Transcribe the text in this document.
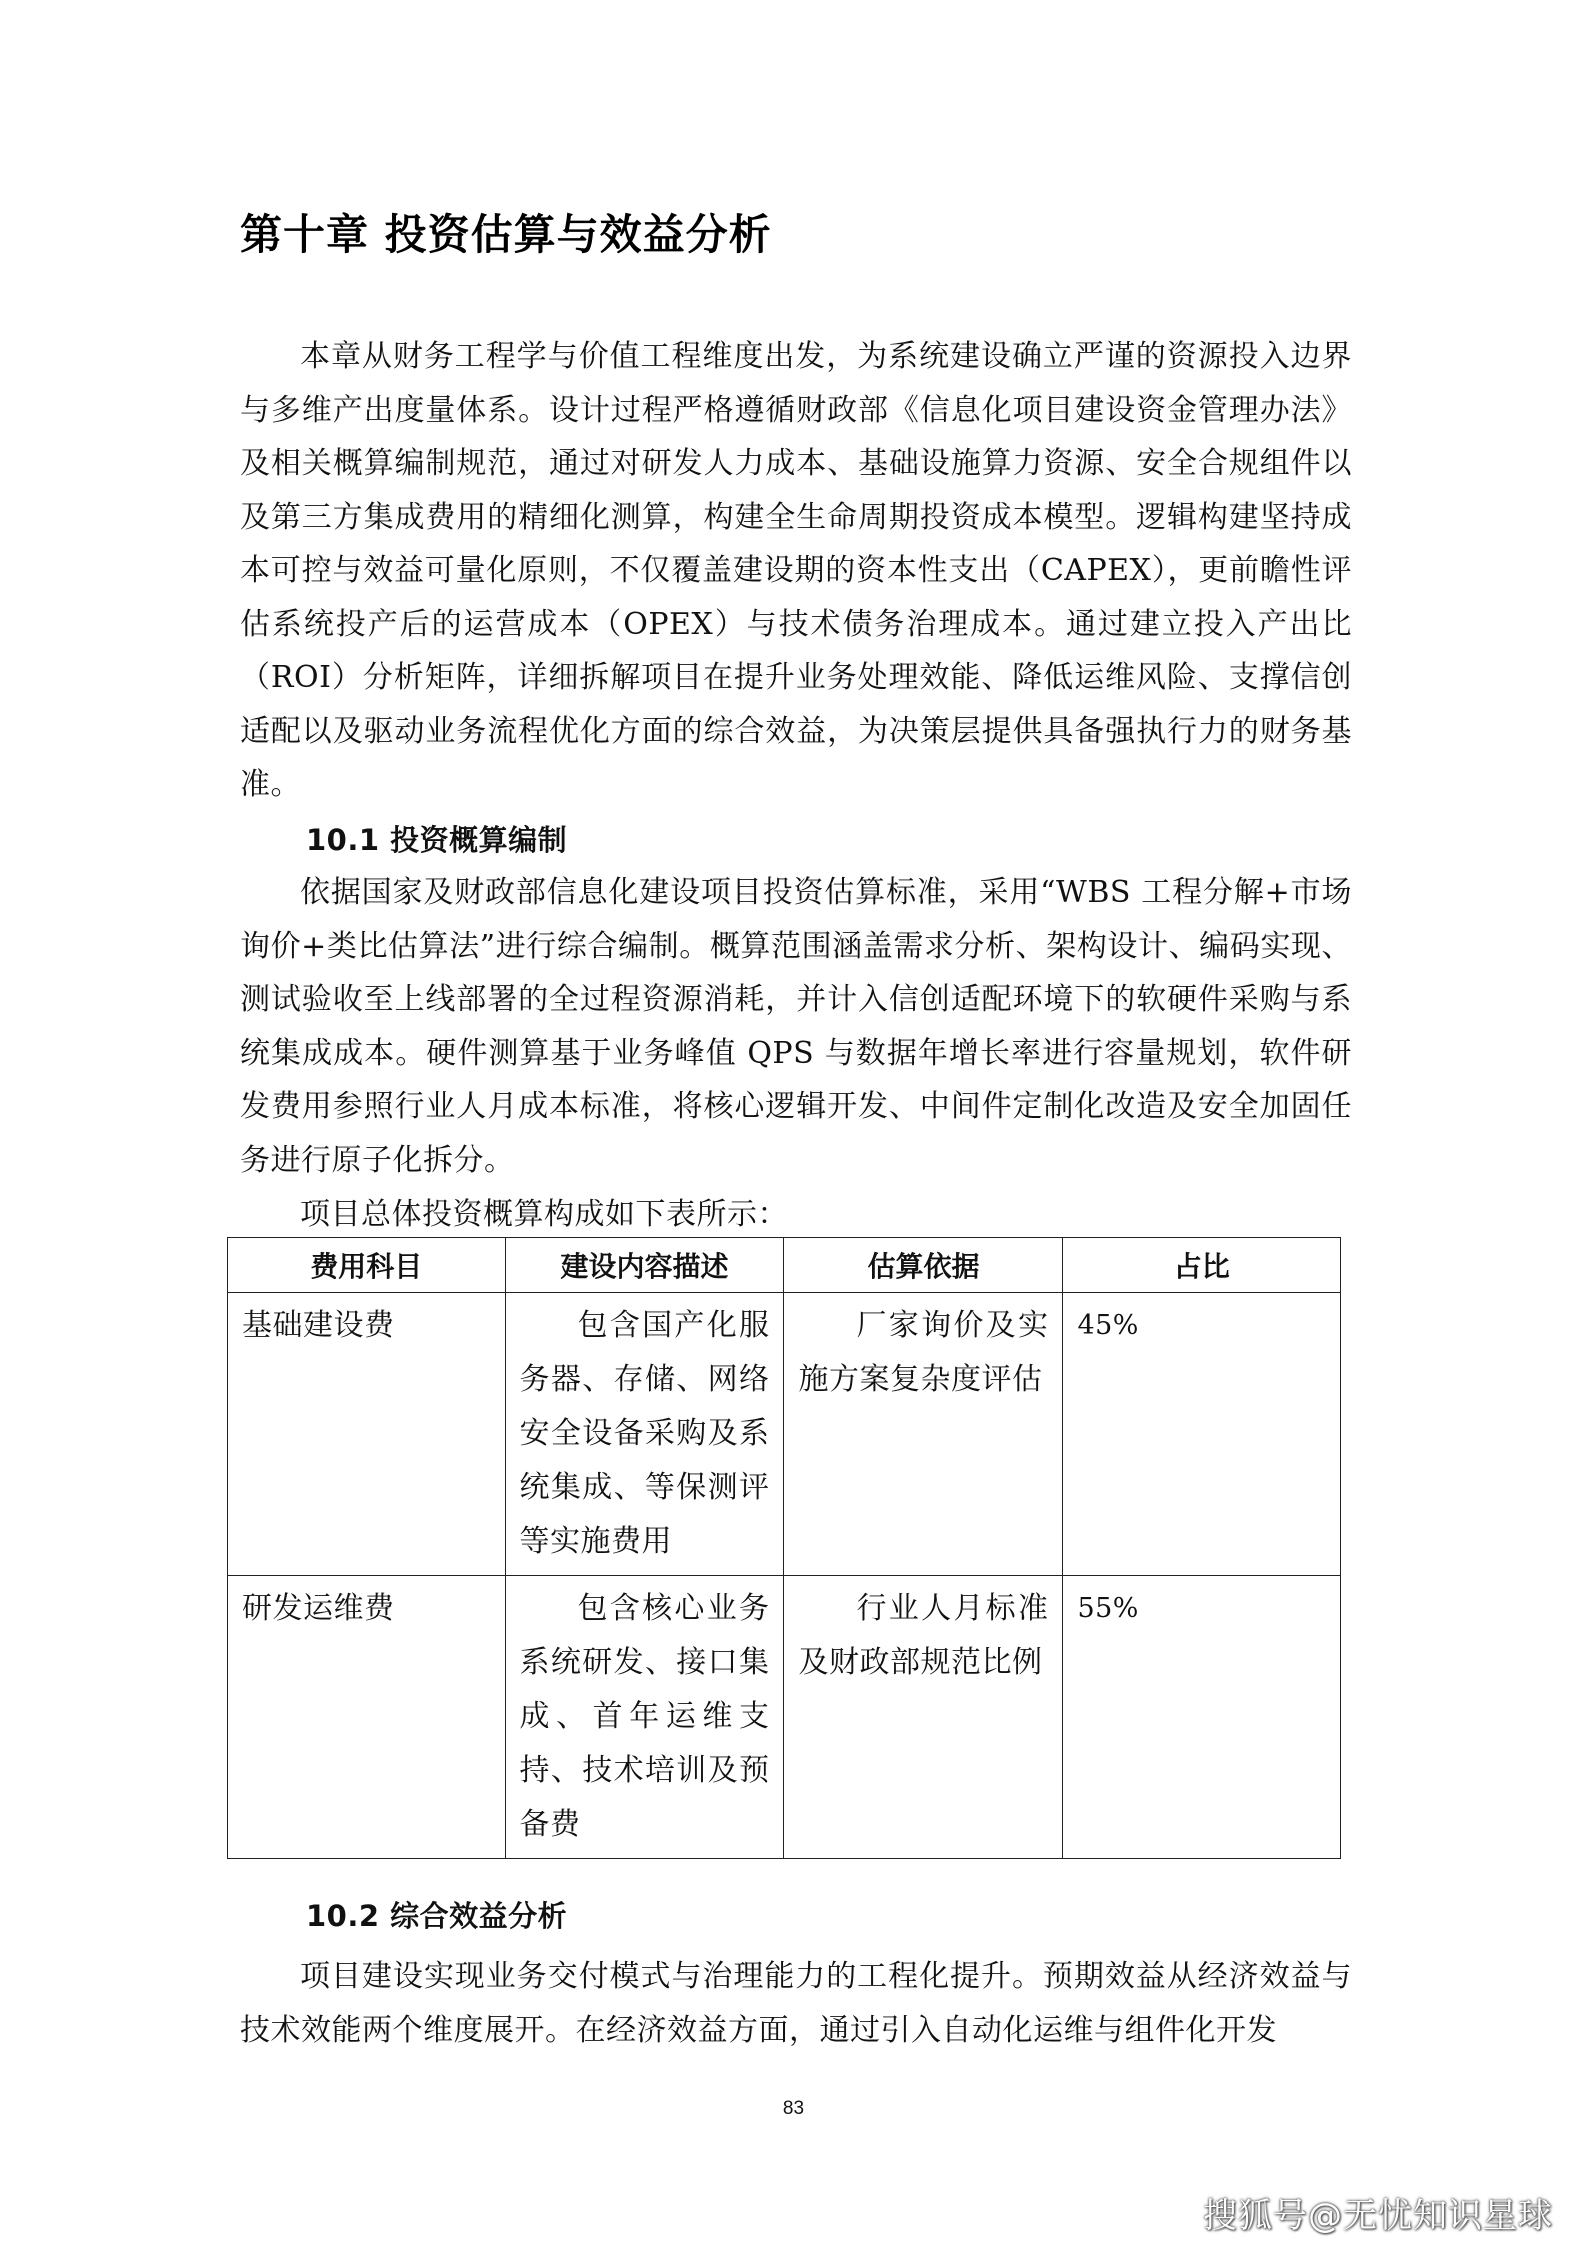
第十章 投资估算与效益分析

本章从财务工程学与价值工程维度出发，为系统建设确立严谨的资源投入边界与多维产出度量体系。设计过程严格遵循财政部《信息化项目建设资金管理办法》及相关概算编制规范，通过对研发人力成本、基础设施算力资源、安全合规组件以及第三方集成费用的精细化测算，构建全生命周期投资成本模型。逻辑构建坚持成本可控与效益可量化原则，不仅覆盖建设期的资本性支出（CAPEX），更前瞻性评估系统投产后的运营成本（OPEX）与技术债务治理成本。通过建立投入产出比（ROI）分析矩阵，详细拆解项目在提升业务处理效能、降低运维风险、支撑信创适配以及驱动业务流程优化方面的综合效益，为决策层提供具备强执行力的财务基准。

10.1 投资概算编制

依据国家及财政部信息化建设项目投资估算标准，采用“WBS 工程分解+市场询价+类比估算法”进行综合编制。概算范围涵盖需求分析、架构设计、编码实现、测试验收至上线部署的全过程资源消耗，并计入信创适配环境下的软硬件采购与系统集成成本。硬件测算基于业务峰值 QPS 与数据年增长率进行容量规划，软件研发费用参照行业人月成本标准，将核心逻辑开发、中间件定制化改造及安全加固任务进行原子化拆分。

项目总体投资概算构成如下表所示：

费用科目	建设内容描述	估算依据	占比
基础建设费	包含国产化服务器、存储、网络安全设备采购及系统集成、等保测评等实施费用	厂家询价及实施方案复杂度评估	45%
研发运维费	包含核心业务系统研发、接口集成、首年运维支持、技术培训及预备费	行业人月标准及财政部规范比例	55%
10.2 综合效益分析

项目建设实现业务交付模式与治理能力的工程化提升。预期效益从经济效益与技术效能两个维度展开。在经济效益方面，通过引入自动化运维与组件化开发

83
搜狐号@无忧知识星球
